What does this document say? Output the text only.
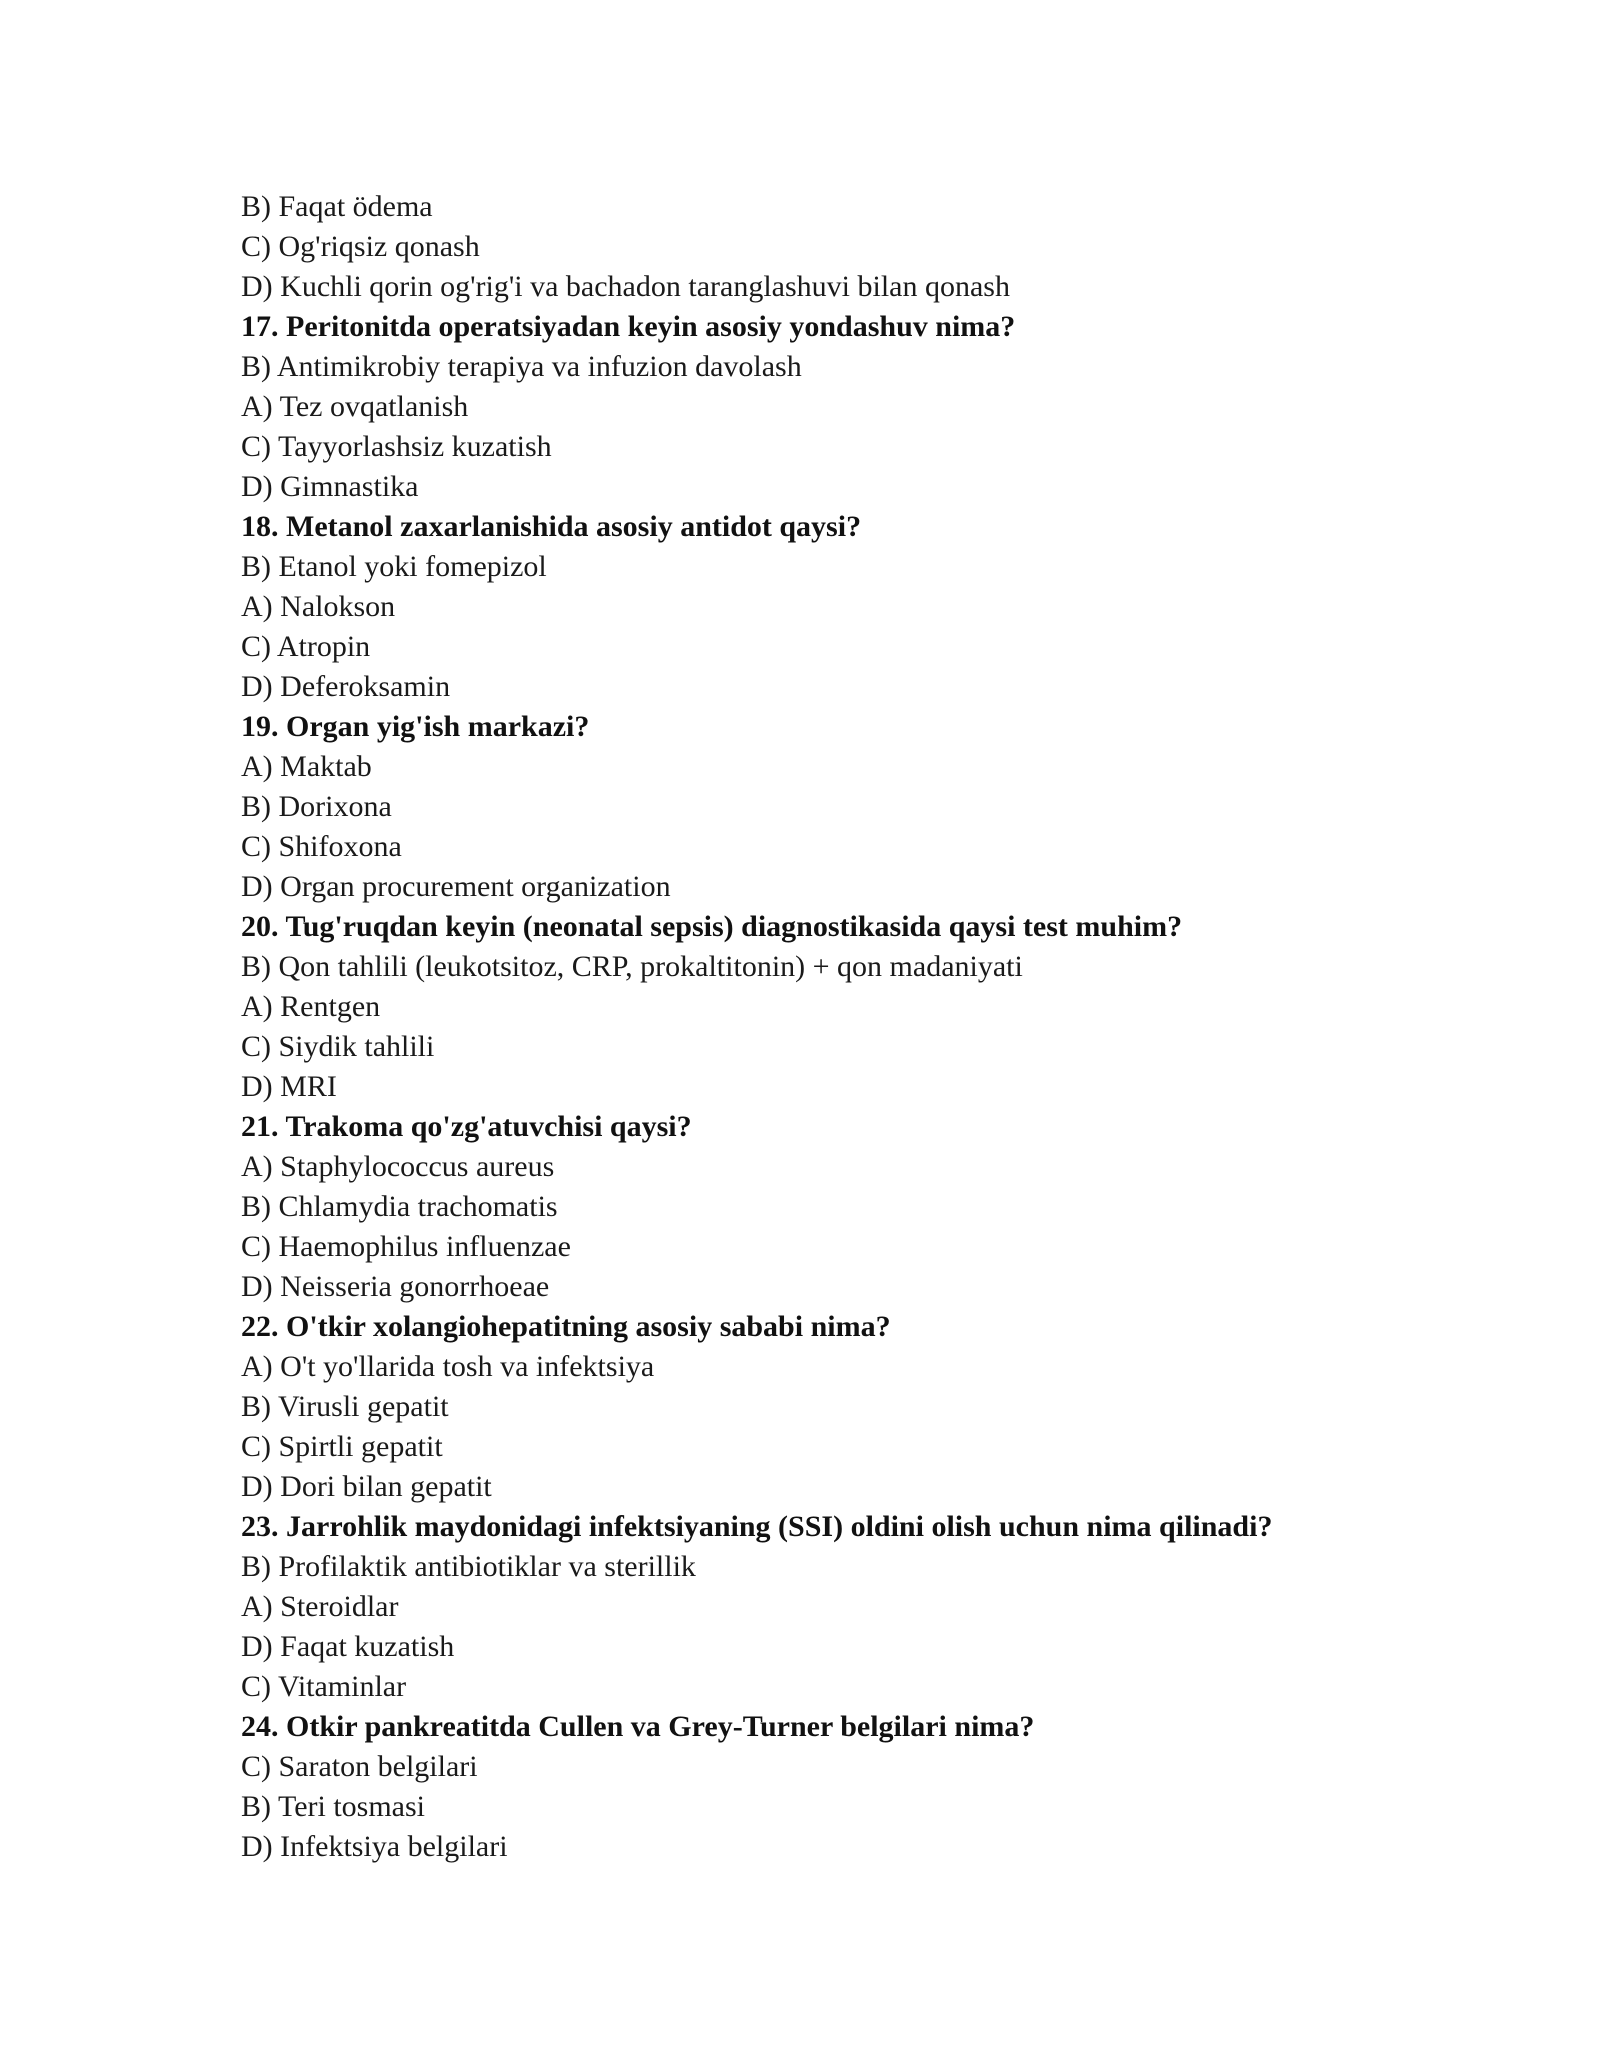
B) Faqat ödema
C) Og'riqsiz qonash
D) Kuchli qorin og'rig'i va bachadon taranglashuvi bilan qonash
17. Peritonitda operatsiyadan keyin asosiy yondashuv nima?
B) Antimikrobiy terapiya va infuzion davolash
A) Tez ovqatlanish
C) Tayyorlashsiz kuzatish
D) Gimnastika
18. Metanol zaxarlanishida asosiy antidot qaysi?
B) Etanol yoki fomepizol
A) Nalokson
C) Atropin
D) Deferoksamin
19. Organ yig'ish markazi?
A) Maktab
B) Dorixona
C) Shifoxona
D) Organ procurement organization
20. Tug'ruqdan keyin (neonatal sepsis) diagnostikasida qaysi test muhim?
B) Qon tahlili (leukotsitoz, CRP, prokaltitonin) + qon madaniyati
A) Rentgen
C) Siydik tahlili
D) MRI
21. Trakoma qo'zg'atuvchisi qaysi?
A) Staphylococcus aureus
B) Chlamydia trachomatis
C) Haemophilus influenzae
D) Neisseria gonorrhoeae
22. O'tkir xolangiohepatitning asosiy sababi nima?
A) O't yo'llarida tosh va infektsiya
B) Virusli gepatit
C) Spirtli gepatit
D) Dori bilan gepatit
23. Jarrohlik maydonidagi infektsiyaning (SSI) oldini olish uchun nima qilinadi?
B) Profilaktik antibiotiklar va sterillik
A) Steroidlar
D) Faqat kuzatish
C) Vitaminlar
24. Otkir pankreatitda Cullen va Grey-Turner belgilari nima?
C) Saraton belgilari
B) Teri tosmasi
D) Infektsiya belgilari
